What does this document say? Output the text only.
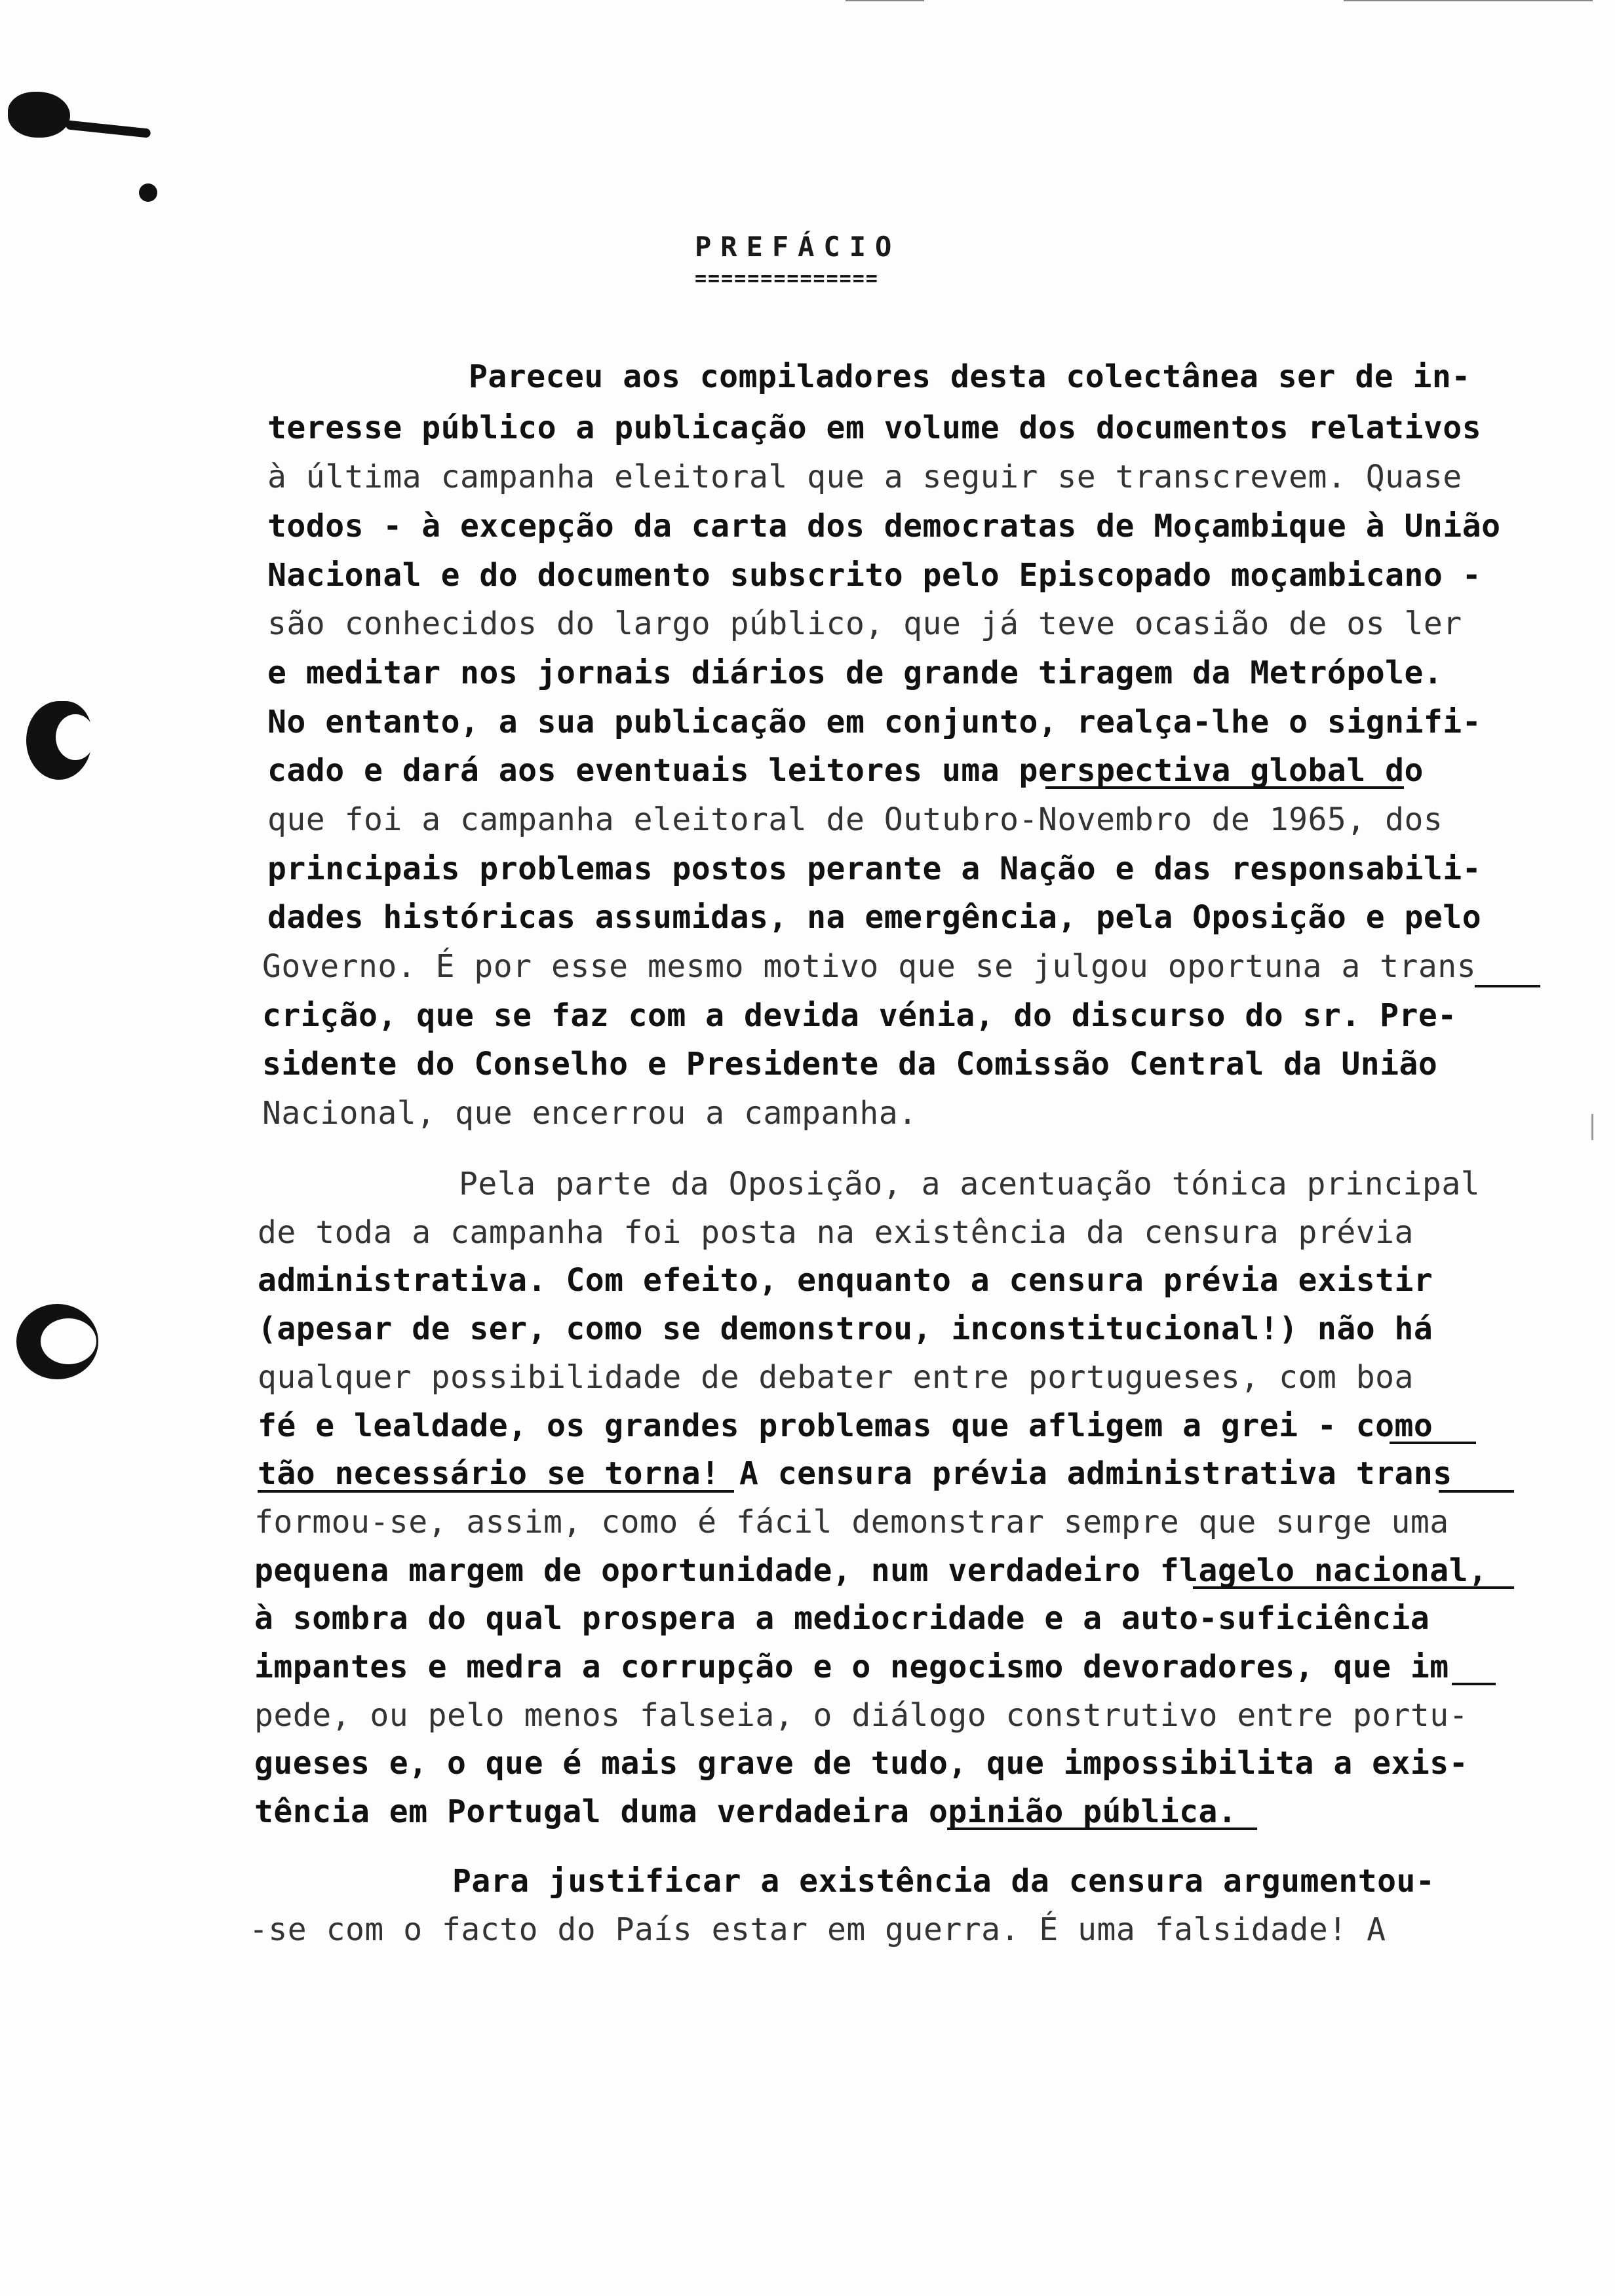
PREFÁCIO
==============
Pareceu aos compiladores desta colectânea ser de in-
teresse público a publicação em volume dos documentos relativos
à última campanha eleitoral que a seguir se transcrevem. Quase
todos - à excepção da carta dos democratas de Moçambique à União
Nacional e do documento subscrito pelo Episcopado moçambicano -
são conhecidos do largo público, que já teve ocasião de os ler
e meditar nos jornais diários de grande tiragem da Metrópole.
No entanto, a sua publicação em conjunto, realça-lhe o signifi-
cado e dará aos eventuais leitores uma perspectiva global do
que foi a campanha eleitoral de Outubro-Novembro de 1965, dos
principais problemas postos perante a Nação e das responsabili-
dades históricas assumidas, na emergência, pela Oposição e pelo
Governo. É por esse mesmo motivo que se julgou oportuna a trans
crição, que se faz com a devida vénia, do discurso do sr. Pre-
sidente do Conselho e Presidente da Comissão Central da União
Nacional, que encerrou a campanha.
Pela parte da Oposição, a acentuação tónica principal
de toda a campanha foi posta na existência da censura prévia
administrativa. Com efeito, enquanto a censura prévia existir
(apesar de ser, como se demonstrou, inconstitucional!) não há
qualquer possibilidade de debater entre portugueses, com boa
fé e lealdade, os grandes problemas que afligem a grei - como
tão necessário se torna! A censura prévia administrativa trans
formou-se, assim, como é fácil demonstrar sempre que surge uma
pequena margem de oportunidade, num verdadeiro flagelo nacional,
à sombra do qual prospera a mediocridade e a auto-suficiência
impantes e medra a corrupção e o negocismo devoradores, que im
pede, ou pelo menos falseia, o diálogo construtivo entre portu-
gueses e, o que é mais grave de tudo, que impossibilita a exis-
tência em Portugal duma verdadeira opinião pública.
Para justificar a existência da censura argumentou-
-se com o facto do País estar em guerra. É uma falsidade! A
